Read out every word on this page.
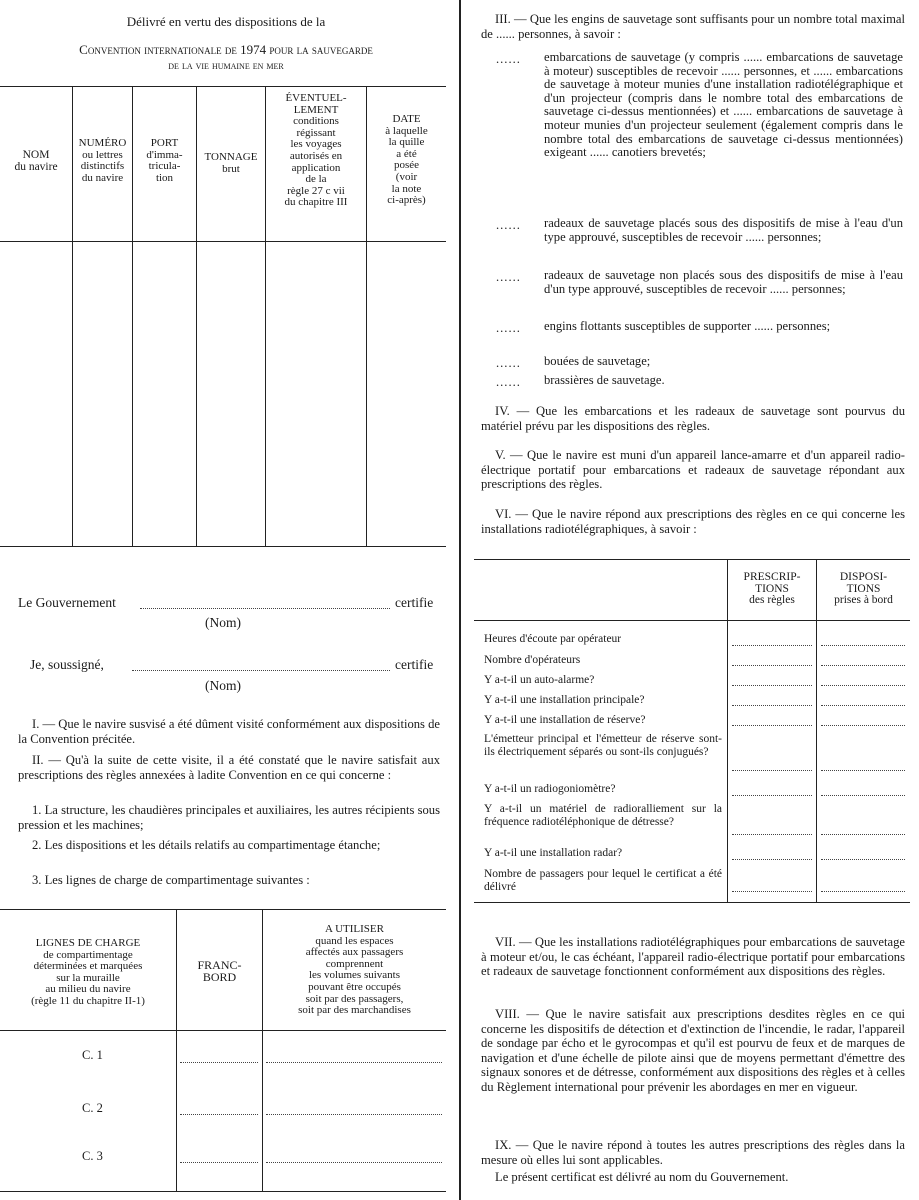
Délivré en vertu des dispositions de la
Convention internationale de 1974 pour la sauvegarde
de la vie humaine en mer
NOM
du navire
NUMÉRO
ou lettres
distinctifs
du navire
PORT
d'imma-
tricula-
tion
TONNAGE
brut
ÉVENTUEL-
LEMENT
conditions
régissant
les voyages
autorisés en
application
de la
règle 27 c vii
du chapitre III
DATE
à laquelle
la quille
a été
posée
(voir
la note
ci-après)
Le Gouvernement	certifie
(Nom)
Je, soussigné,	certifie
(Nom)
I. — Que le navire susvisé a été dûment visité conformément aux dispositions de la Convention précitée.
II. — Qu'à la suite de cette visite, il a été constaté que le navire satisfait aux prescriptions des règles annexées à ladite Convention en ce qui concerne :
1. La structure, les chaudières principales et auxiliaires, les autres récipients sous pression et les machines;
2. Les dispositions et les détails relatifs au compartimentage étanche;
3. Les lignes de charge de compartimentage suivantes :
LIGNES DE CHARGE
de compartimentage
déterminées et marquées
sur la muraille
au milieu du navire
(règle 11 du chapitre II-1)
FRANC-
BORD
A UTILISER
quand les espaces
affectés aux passagers
comprennent
les volumes suivants
pouvant être occupés
soit par des passagers,
soit par des marchandises
C. 1
C. 2
C. 3
III. — Que les engins de sauvetage sont suffisants pour un nombre total maximal de ...... personnes, à savoir :
...... embarcations de sauvetage (y compris ...... embarcations de sauvetage à moteur) susceptibles de recevoir ...... personnes, et ...... embarcations de sauvetage à moteur munies d'une installation radiotélégraphique et d'un projecteur (compris dans le nombre total des embarcations de sauvetage ci-dessus mentionnées) et ...... embarcations de sauvetage à moteur munies d'un projecteur seulement (également compris dans le nombre total des embarcations de sauvetage ci-dessus mentionnées) exigeant ...... canotiers brevetés;
...... radeaux de sauvetage placés sous des dispositifs de mise à l'eau d'un type approuvé, susceptibles de recevoir ...... personnes;
...... radeaux de sauvetage non placés sous des dispositifs de mise à l'eau d'un type approuvé, susceptibles de recevoir ...... personnes;
...... engins flottants susceptibles de supporter ...... personnes;
...... bouées de sauvetage;
...... brassières de sauvetage.
IV. — Que les embarcations et les radeaux de sauvetage sont pourvus du matériel prévu par les dispositions des règles.
V. — Que le navire est muni d'un appareil lance-amarre et d'un appareil radio-électrique portatif pour embarcations et radeaux de sauvetage répondant aux prescriptions des règles.
VI. — Que le navire répond aux prescriptions des règles en ce qui concerne les installations radiotélégraphiques, à savoir :
PRESCRIP-
TIONS
des règles
DISPOSI-
TIONS
prises à bord
Heures d'écoute par opérateur
Nombre d'opérateurs
Y a-t-il un auto-alarme?
Y a-t-il une installation principale?
Y a-t-il une installation de réserve?
L'émetteur principal et l'émetteur de réserve sont-ils électriquement séparés ou sont-ils conjugués?
Y a-t-il un radiogoniomètre?
Y a-t-il un matériel de radioralliement sur la fréquence radiotéléphonique de détresse?
Y a-t-il une installation radar?
Nombre de passagers pour lequel le certificat a été délivré
VII. — Que les installations radiotélégraphiques pour embarcations de sauvetage à moteur et/ou, le cas échéant, l'appareil radio-électrique portatif pour embarcations et radeaux de sauvetage fonctionnent conformément aux dispositions des règles.
VIII. — Que le navire satisfait aux prescriptions desdites règles en ce qui concerne les dispositifs de détection et d'extinction de l'incendie, le radar, l'appareil de sondage par écho et le gyrocompas et qu'il est pourvu de feux et de marques de navigation et d'une échelle de pilote ainsi que de moyens permettant d'émettre des signaux sonores et de détresse, conformément aux dispositions des règles et à celles du Règlement international pour prévenir les abordages en mer en vigueur.
IX. — Que le navire répond à toutes les autres prescriptions des règles dans la mesure où elles lui sont applicables.
Le présent certificat est délivré au nom du Gouvernement.
